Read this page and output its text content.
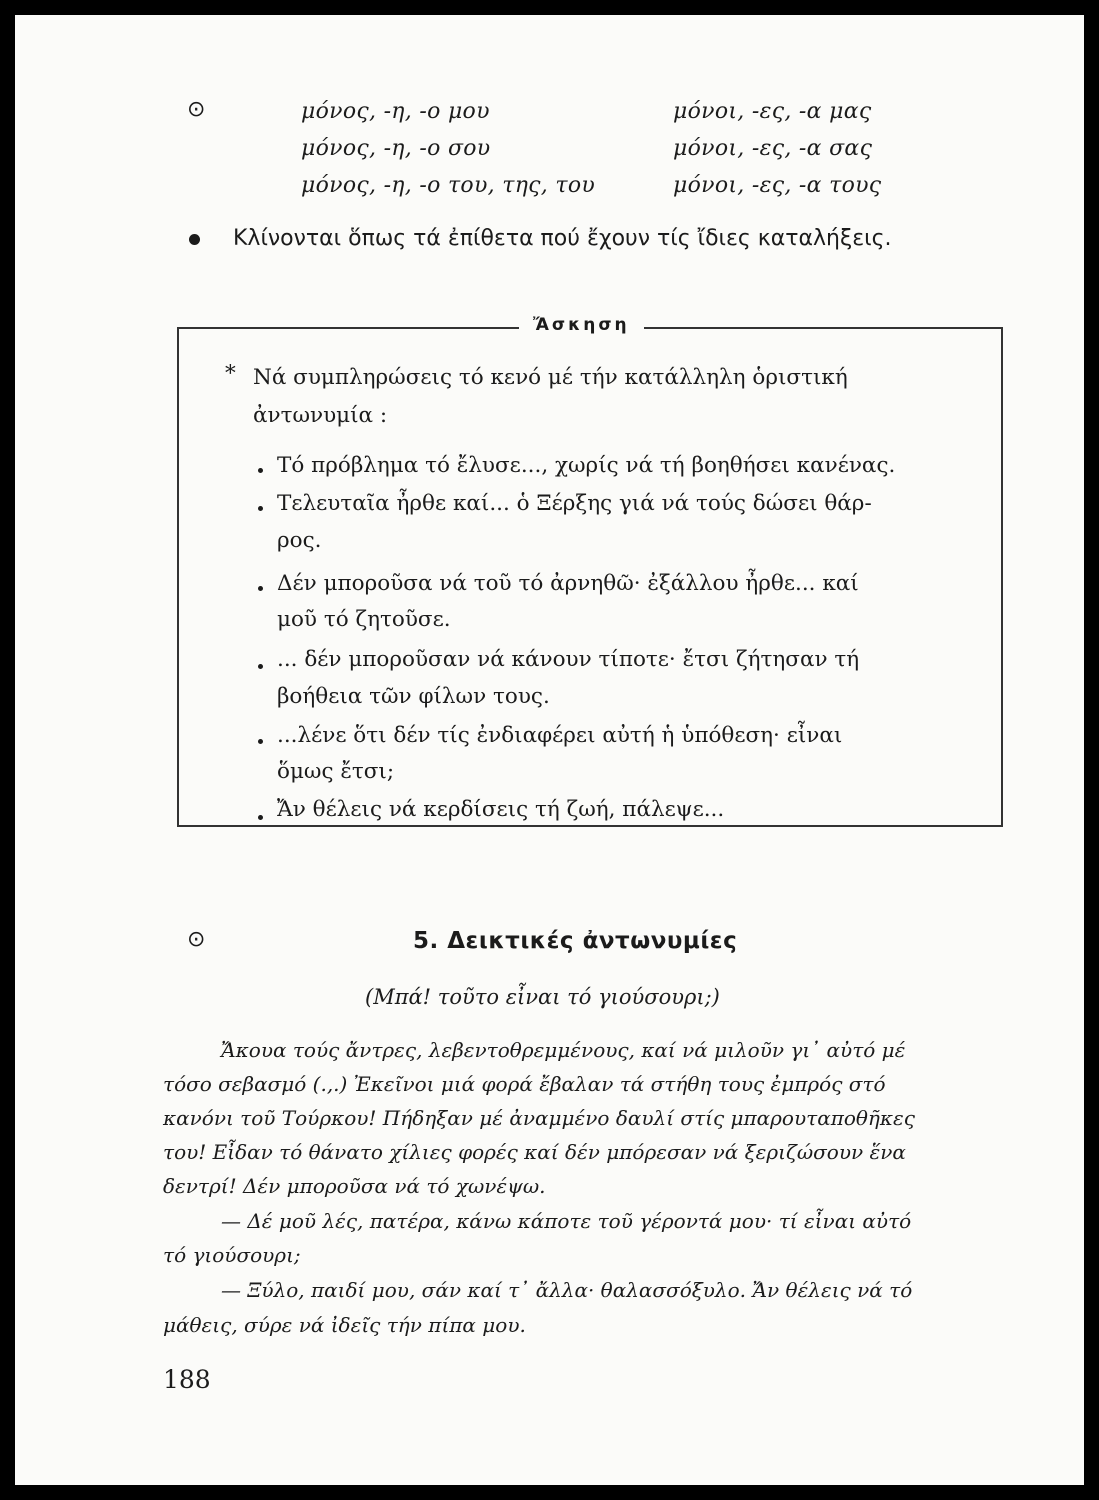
⊙	μόνος, -η, -ο μου
μόνος, -η, -ο σου
μόνος, -η, -ο του, της, του
μόνοι, -ες, -α μας
μόνοι, -ες, -α σας
μόνοι, -ες, -α τους
Κλίνονται ὅπως τά ἐπίθετα πού ἔχουν τίς ἴδιες καταλήξεις.
Ἄσκηση
* Νά συμπληρώσεις τό κενό μέ τήν κατάλληλη ὁριστική
ἀντωνυμία :
Τό πρόβλημα τό ἔλυσε..., χωρίς νά τή βοηθήσει κανένας.
Τελευταῖα ἦρθε καί... ὁ Ξέρξης γιά νά τούς δώσει θάρ-
ρος.
Δέν μποροῦσα νά τοῦ τό ἀρνηθῶ· ἐξάλλου ἦρθε... καί
μοῦ τό ζητοῦσε.
... δέν μποροῦσαν νά κάνουν τίποτε· ἔτσι ζήτησαν τή
βοήθεια τῶν φίλων τους.
...λένε ὅτι δέν τίς ἐνδιαφέρει αὐτή ἡ ὑπόθεση· εἶναι
ὅμως ἔτσι;
Ἄν θέλεις νά κερδίσεις τή ζωή, πάλεψε...
⊙	5. Δεικτικές ἀντωνυμίες
(Μπά! τοῦτο εἶναι τό γιούσουρι;)
Ἄκουα τούς ἄντρες, λεβεντοθρεμμένους, καί νά μιλοῦν γι᾽ αὐτό μέ
τόσο σεβασμό (.,.) Ἐκεῖνοι μιά φορά ἔβαλαν τά στήθη τους ἐμπρός στό
κανόνι τοῦ Τούρκου! Πήδηξαν μέ ἀναμμένο δαυλί στίς μπαρουταποθῆκες
του! Εἶδαν τό θάνατο χίλιες φορές καί δέν μπόρεσαν νά ξεριζώσουν ἕνα
δεντρί! Δέν μποροῦσα νά τό χωνέψω.
— Δέ μοῦ λές, πατέρα, κάνω κάποτε τοῦ γέροντά μου· τί εἶναι αὐτό
τό γιούσουρι;
— Ξύλο, παιδί μου, σάν καί τ᾽ ἄλλα· θαλασσόξυλο. Ἄν θέλεις νά τό
μάθεις, σύρε νά ἰδεῖς τήν πίπα μου.
188
